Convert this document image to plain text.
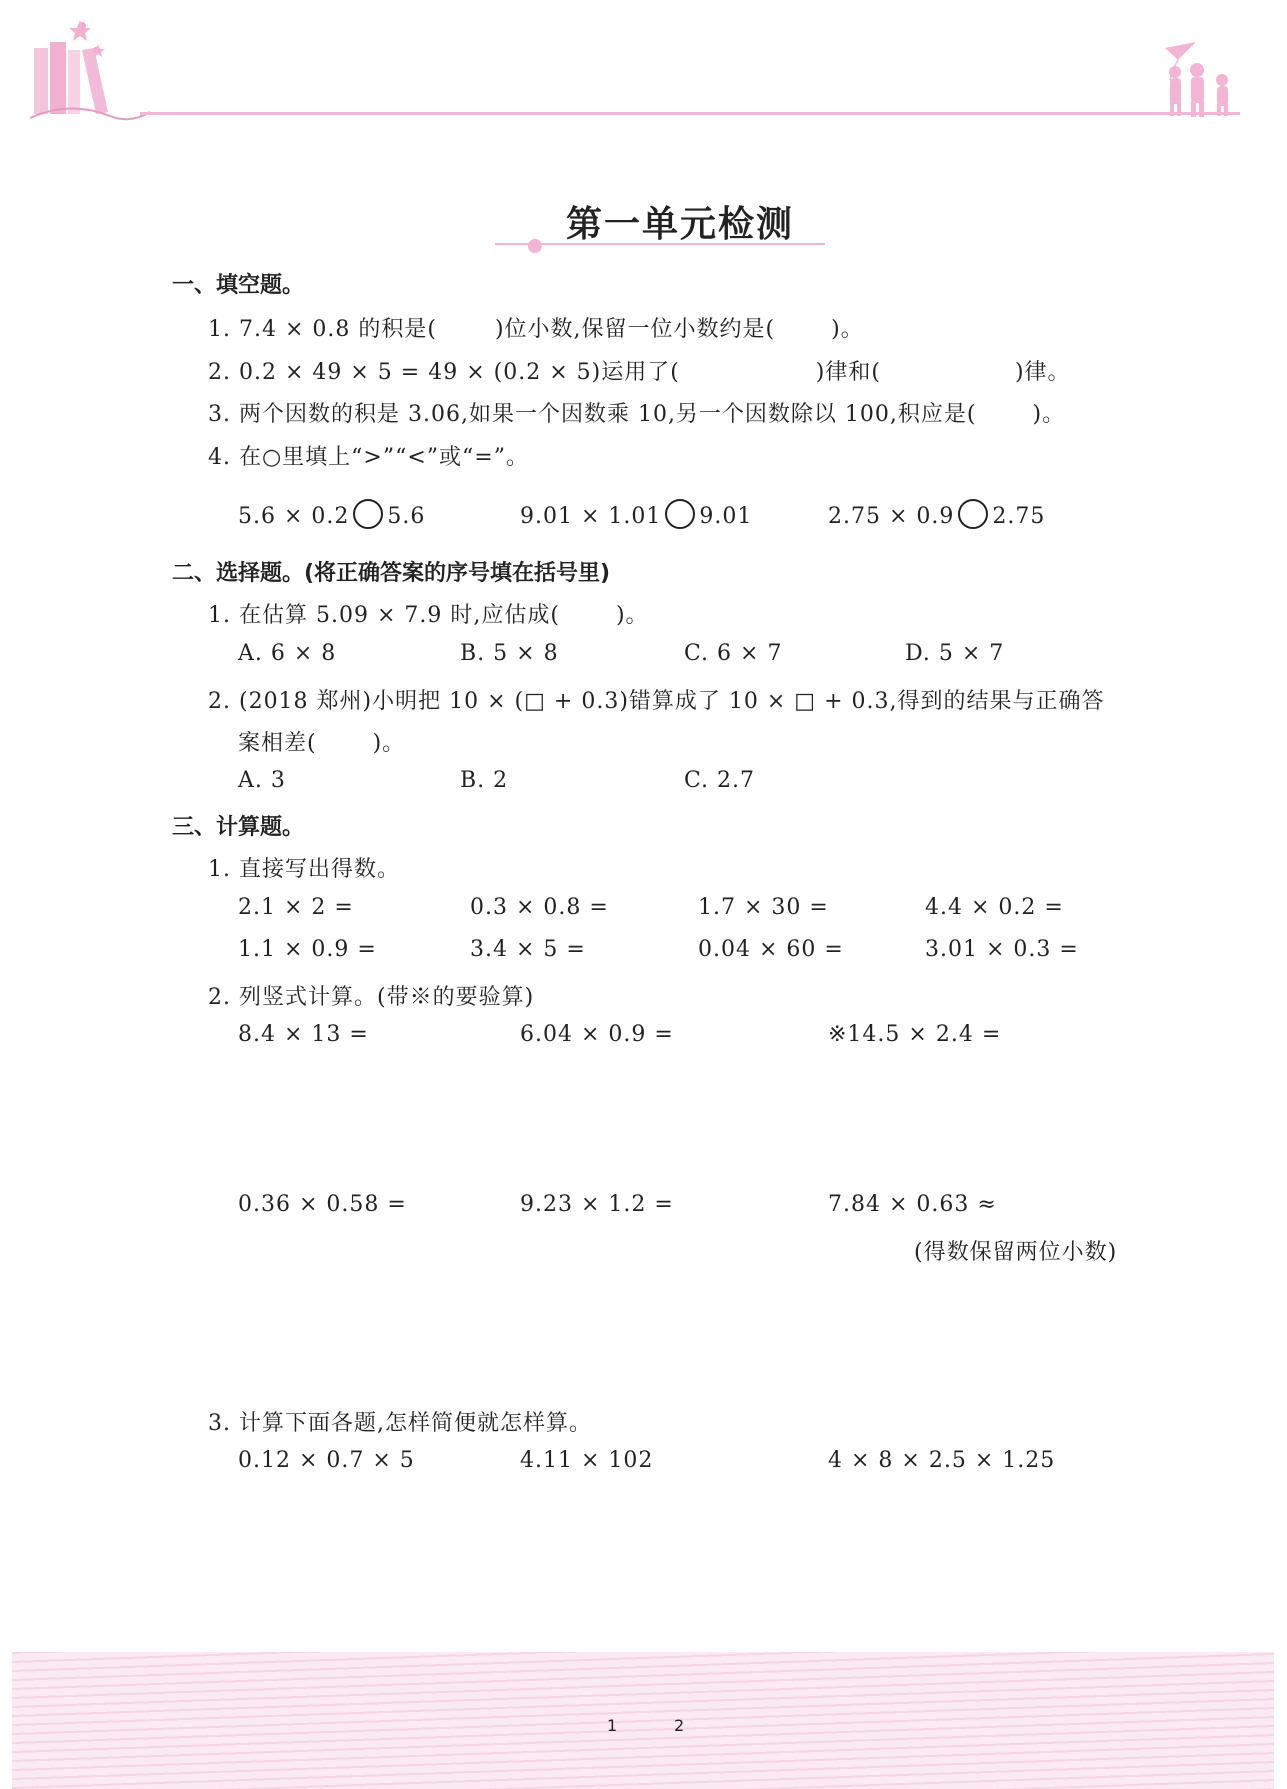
第一单元检测
一、填空题。
1. 7.4 × 0.8 的积是(	)位小数,保留一位小数约是(	)。
2. 0.2 × 49 × 5 = 49 × (0.2 × 5)运用了(	)律和(	)律。
3. 两个因数的积是 3.06,如果一个因数乘 10,另一个因数除以 100,积应是(	)。
4. 在○里填上“>”“<”或“=”。
5.6 × 0.2 5.6	9.01 × 1.01 9.01	2.75 × 0.9 2.75
二、选择题。(将正确答案的序号填在括号里)
1. 在估算 5.09 × 7.9 时,应估成(	)。
A. 6 × 8	B. 5 × 8	C. 6 × 7	D. 5 × 7
2. (2018 郑州)小明把 10 × (□ + 0.3)错算成了 10 × □ + 0.3,得到的结果与正确答
案相差(	)。
A. 3	B. 2	C. 2.7
三、计算题。
1. 直接写出得数。
2.1 × 2 =	0.3 × 0.8 =	1.7 × 30 =	4.4 × 0.2 =
1.1 × 0.9 =	3.4 × 5 =	0.04 × 60 =	3.01 × 0.3 =
2. 列竖式计算。(带※的要验算)
8.4 × 13 =	6.04 × 0.9 =	※14.5 × 2.4 =
0.36 × 0.58 =	9.23 × 1.2 =	7.84 × 0.63 ≈
(得数保留两位小数)
3. 计算下面各题,怎样简便就怎样算。
0.12 × 0.7 × 5	4.11 × 102	4 × 8 × 2.5 × 1.25
1	2
